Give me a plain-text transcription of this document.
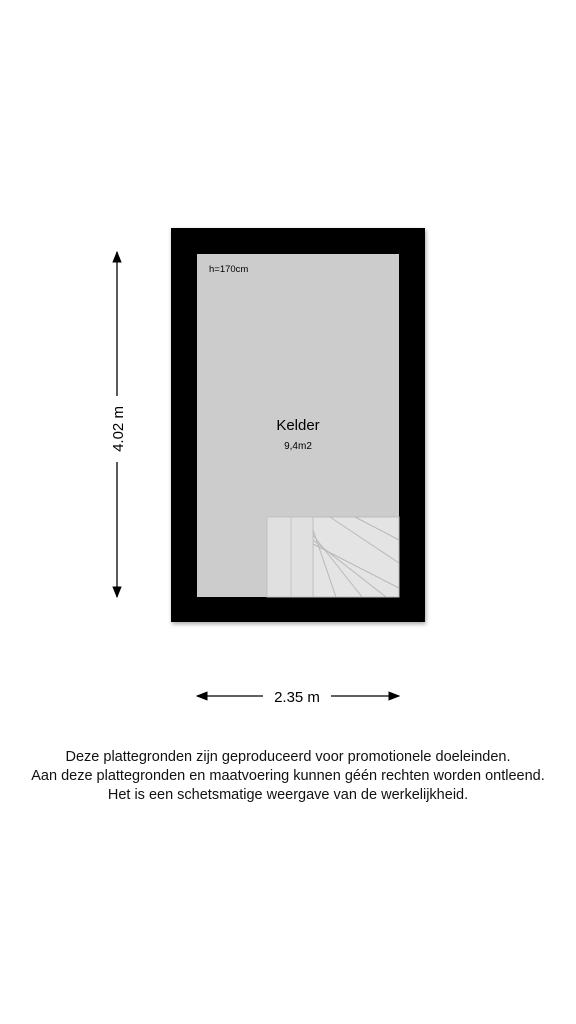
h=170cm
Kelder
9,4m2
4.02 m
2.35 m
Deze plattegronden zijn geproduceerd voor promotionele doeleinden.
Aan deze plattegronden en maatvoering kunnen géén rechten worden ontleend.
Het is een schetsmatige weergave van de werkelijkheid.
